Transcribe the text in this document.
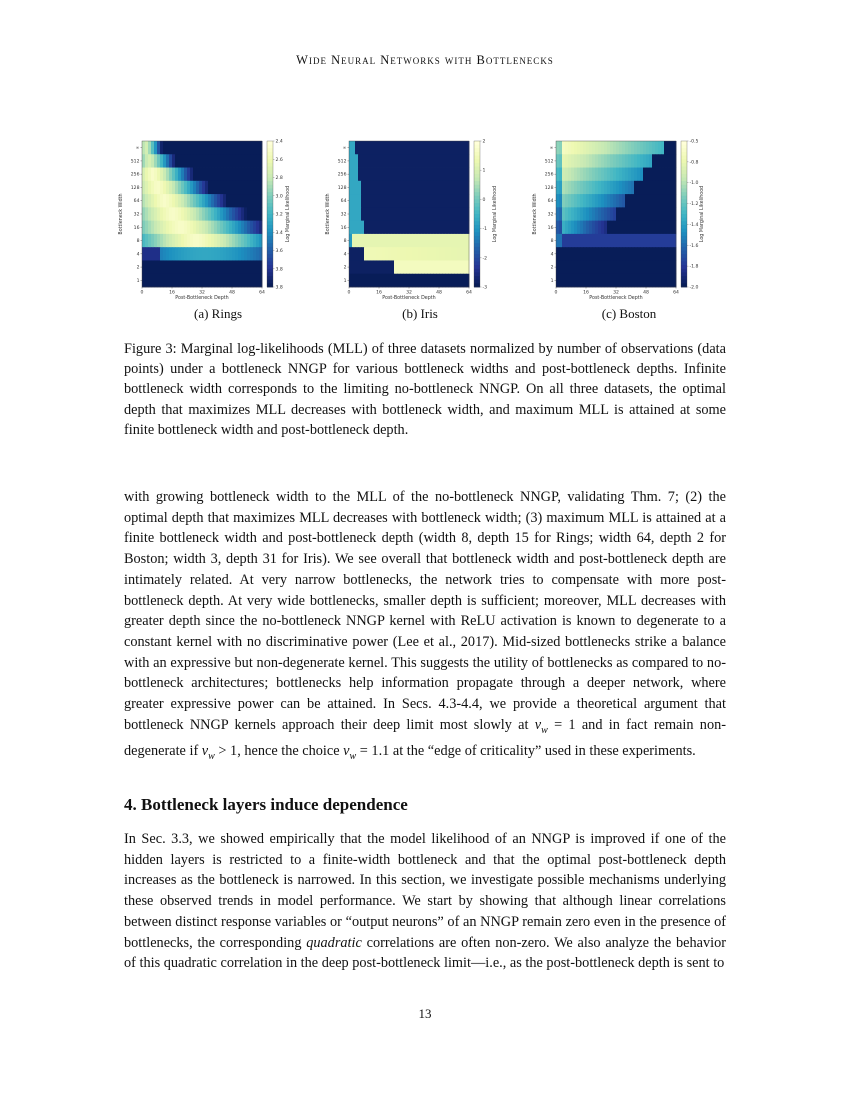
Wide Neural Networks with Bottlenecks
∞
512
256
128
64
32
16
8
4
2
1
0	16	32	48	64
Post-Bottleneck Depth
Bottleneck Width
2.4
2.6
2.8
3.0
3.2
3.4
3.6
3.8
3.8
Log Marginal Likelihood
∞
512
256
128
64
32
16
8
4
2
1
0	16	32	48	64
Post-Bottleneck Depth
Bottleneck Width
2
1
0
-1
-2
-3
Log Marginal Likelihood
∞
512
256
128
64
32
16
8
4
2
1
0	16	32	48	64
Post-Bottleneck Depth
Bottleneck Width
-0.5
-0.8
-1.0
-1.2
-1.4
-1.6
-1.8
-2.0
Log Marginal Likelihood
(a) Rings	(b) Iris	(c) Boston
Figure 3: Marginal log-likelihoods (MLL) of three datasets normalized by number of observations (data points) under a bottleneck NNGP for various bottleneck widths and post-bottleneck depths. Infinite bottleneck width corresponds to the limiting no-bottleneck NNGP. On all three datasets, the optimal depth that maximizes MLL decreases with bottleneck width, and maximum MLL is attained at some finite bottleneck width and post-bottleneck depth.
with growing bottleneck width to the MLL of the no-bottleneck NNGP, validating Thm. 7; (2) the optimal depth that maximizes MLL decreases with bottleneck width; (3) maximum MLL is attained at a finite bottleneck width and post-bottleneck depth (width 8, depth 15 for Rings; width 64, depth 2 for Boston; width 3, depth 31 for Iris). We see overall that bottleneck width and post-bottleneck depth are intimately related. At very narrow bottlenecks, the network tries to compensate with more post-bottleneck depth. At very wide bottlenecks, smaller depth is sufficient; moreover, MLL decreases with greater depth since the no-bottleneck NNGP kernel with ReLU activation is known to degenerate to a constant kernel with no discriminative power (Lee et al., 2017). Mid-sized bottlenecks strike a balance with an expressive but non-degenerate kernel. This suggests the utility of bottlenecks as compared to no-bottleneck architectures; bottlenecks help information propagate through a deeper network, where greater expressive power can be attained. In Secs. 4.3-4.4, we provide a theoretical argument that bottleneck NNGP kernels approach their deep limit most slowly at $v_w = 1$ and in fact remain non-degenerate if $v_w > 1$, hence the choice $v_w = 1.1$ at the “edge of criticality” used in these experiments.
4. Bottleneck layers induce dependence
In Sec. 3.3, we showed empirically that the model likelihood of an NNGP is improved if one of the hidden layers is restricted to a finite-width bottleneck and that the optimal post-bottleneck depth increases as the bottleneck is narrowed. In this section, we investigate possible mechanisms underlying these observed trends in model performance. We start by showing that although linear correlations between distinct response variables or “output neurons” of an NNGP remain zero even in the presence of bottlenecks, the corresponding quadratic correlations are often non-zero. We also analyze the behavior of this quadratic correlation in the deep post-bottleneck limit—i.e., as the post-bottleneck depth is sent to
13
